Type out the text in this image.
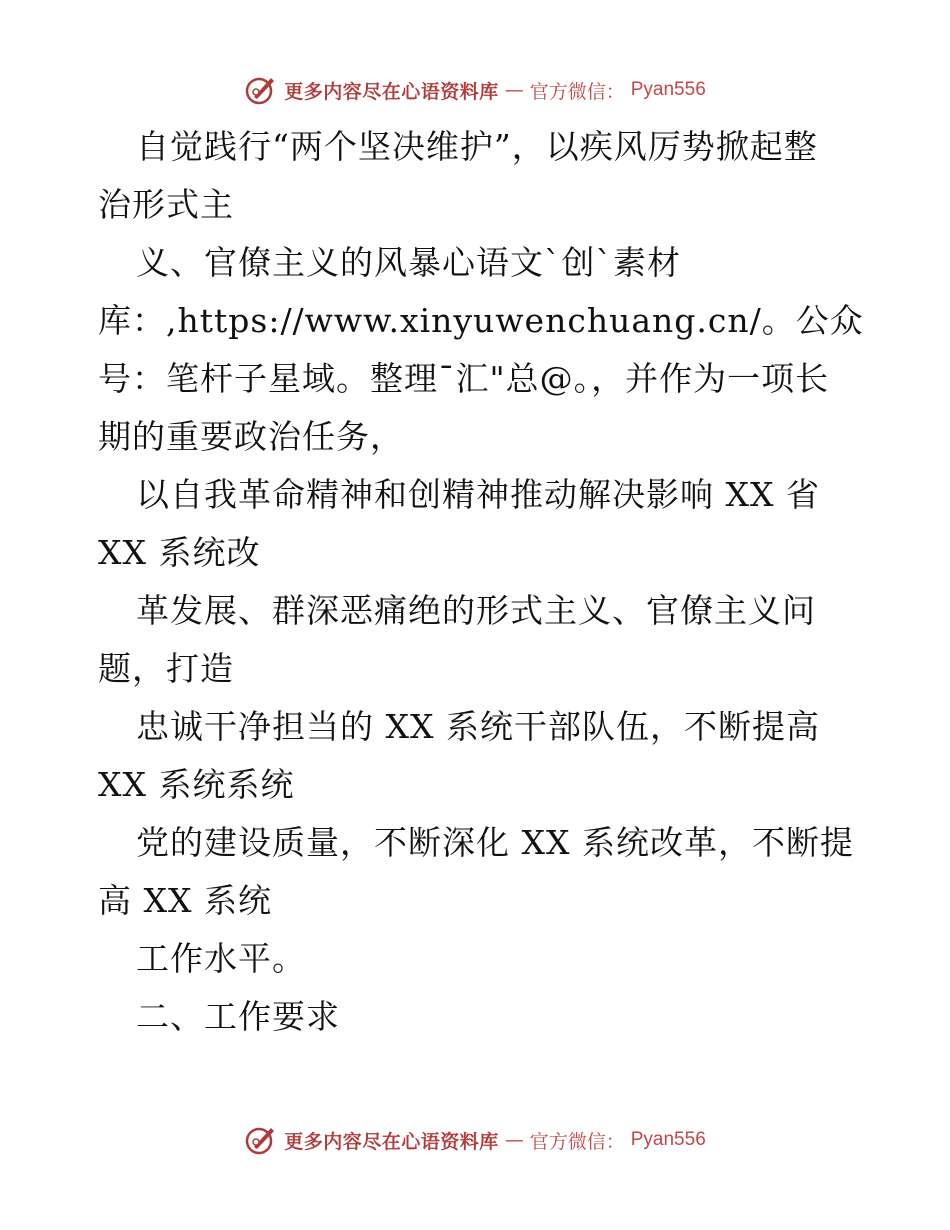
更多内容尽在心语资料库 — 官方微信： Pyan556
自觉践行“两个坚决维护”，以疾风厉势掀起整
治形式主
义、官僚主义的风暴心语文`创`素材
库：,https://www.xinyuwenchuang.cn/。公众
号：笔杆子星域。整理¯汇"总@。，并作为一项长
期的重要政治任务，
以自我革命精神和创精神推动解决影响 XX 省
XX 系统改
革发展、群深恶痛绝的形式主义、官僚主义问
题，打造
忠诚干净担当的 XX 系统干部队伍，不断提高
XX 系统系统
党的建设质量，不断深化 XX 系统改革，不断提
高 XX 系统
工作水平。
二、工作要求
更多内容尽在心语资料库 — 官方微信： Pyan556
